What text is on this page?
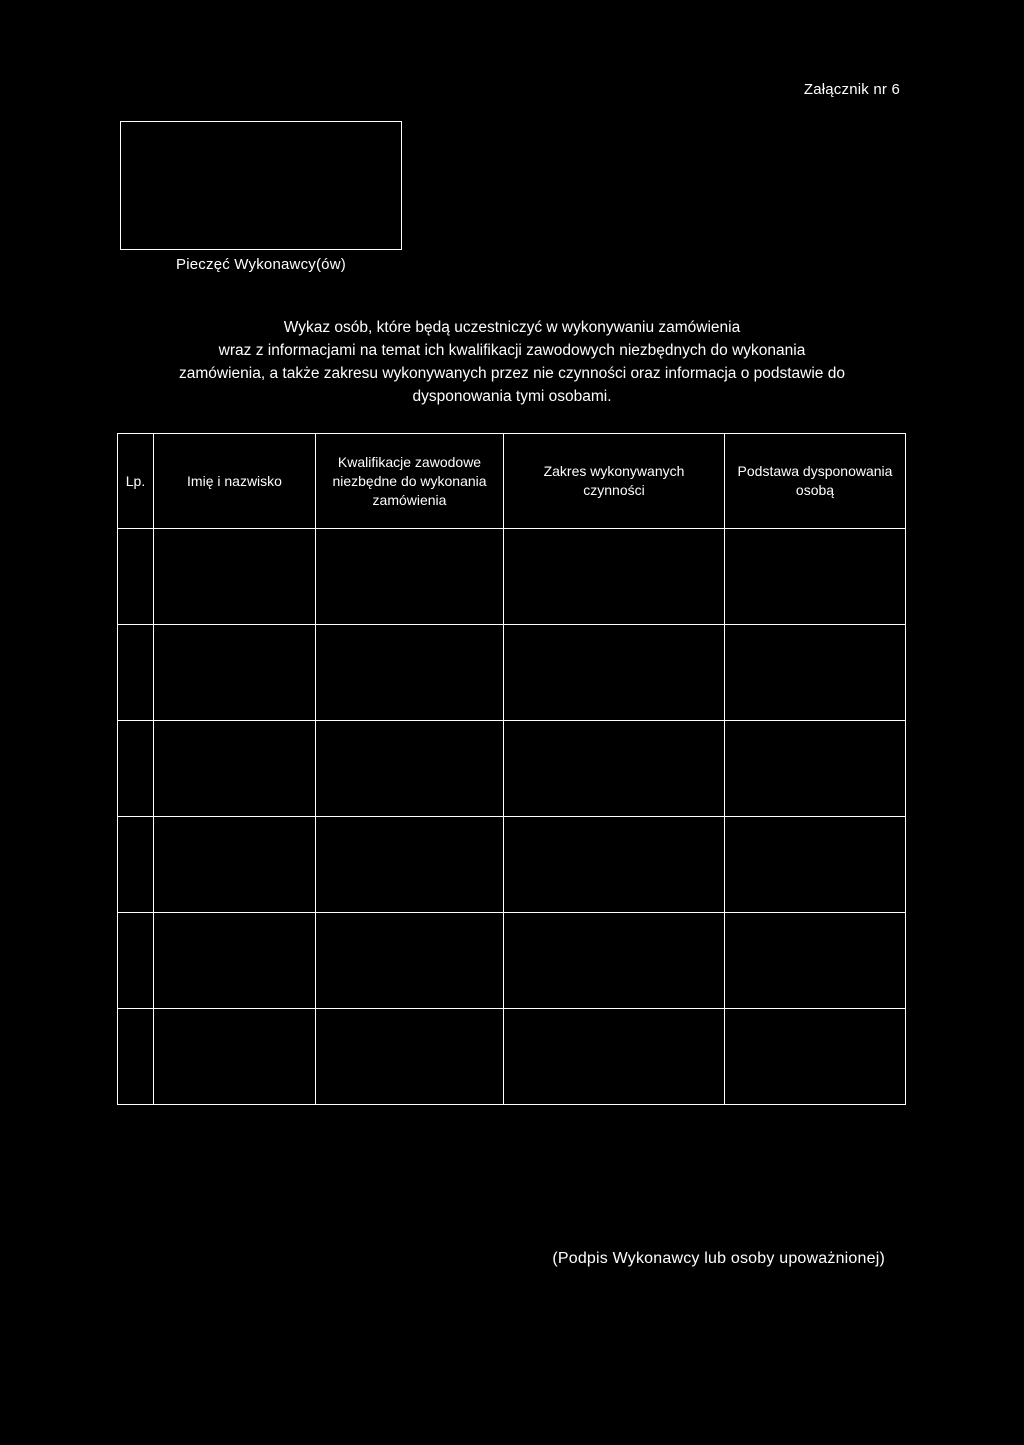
Załącznik nr 6
Pieczęć Wykonawcy(ów)
Wykaz osób, które będą uczestniczyć w wykonywaniu zamówienia
wraz z informacjami na temat ich kwalifikacji zawodowych niezbędnych do wykonania
zamówienia, a także zakresu wykonywanych przez nie czynności oraz informacja o podstawie do
dysponowania tymi osobami.
Lp.	Imię i nazwisko	Kwalifikacje zawodowe niezbędne do wykonania zamówienia	Zakres wykonywanych czynności	Podstawa dysponowania osobą

(Podpis Wykonawcy lub osoby upoważnionej)
